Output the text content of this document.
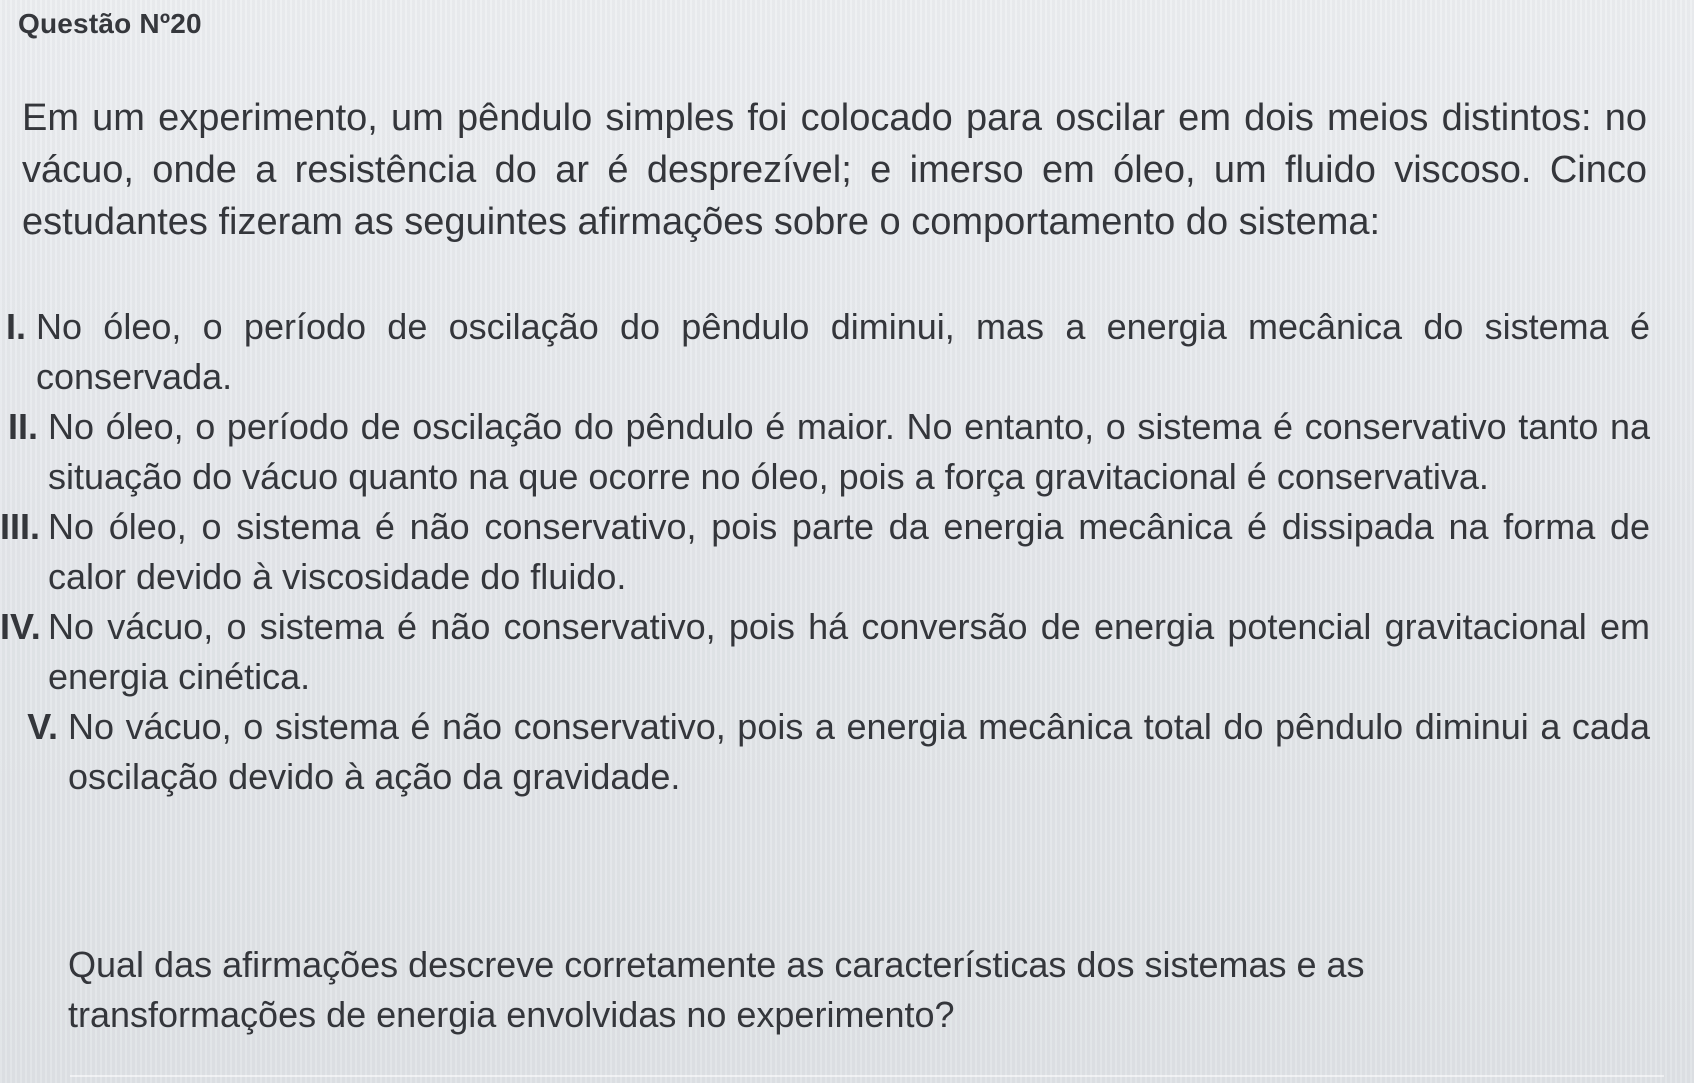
Questão Nº20
Em um experimento, um pêndulo simples foi colocado para oscilar em dois meios distintos: no vácuo, onde a resistência do ar é desprezível; e imerso em óleo, um fluido viscoso. Cinco estudantes fizeram as seguintes afirmações sobre o comportamento do sistema:
I. No óleo, o período de oscilação do pêndulo diminui, mas a energia mecânica do sistema é conservada.
II. No óleo, o período de oscilação do pêndulo é maior. No entanto, o sistema é conservativo tanto na situação do vácuo quanto na que ocorre no óleo, pois a força gravitacional é conservativa.
III. No óleo, o sistema é não conservativo, pois parte da energia mecânica é dissipada na forma de calor devido à viscosidade do fluido.
IV. No vácuo, o sistema é não conservativo, pois há conversão de energia potencial gravitacional em energia cinética.
V. No vácuo, o sistema é não conservativo, pois a energia mecânica total do pêndulo diminui a cada oscilação devido à ação da gravidade.
Qual das afirmações descreve corretamente as características dos sistemas e as transformações de energia envolvidas no experimento?
